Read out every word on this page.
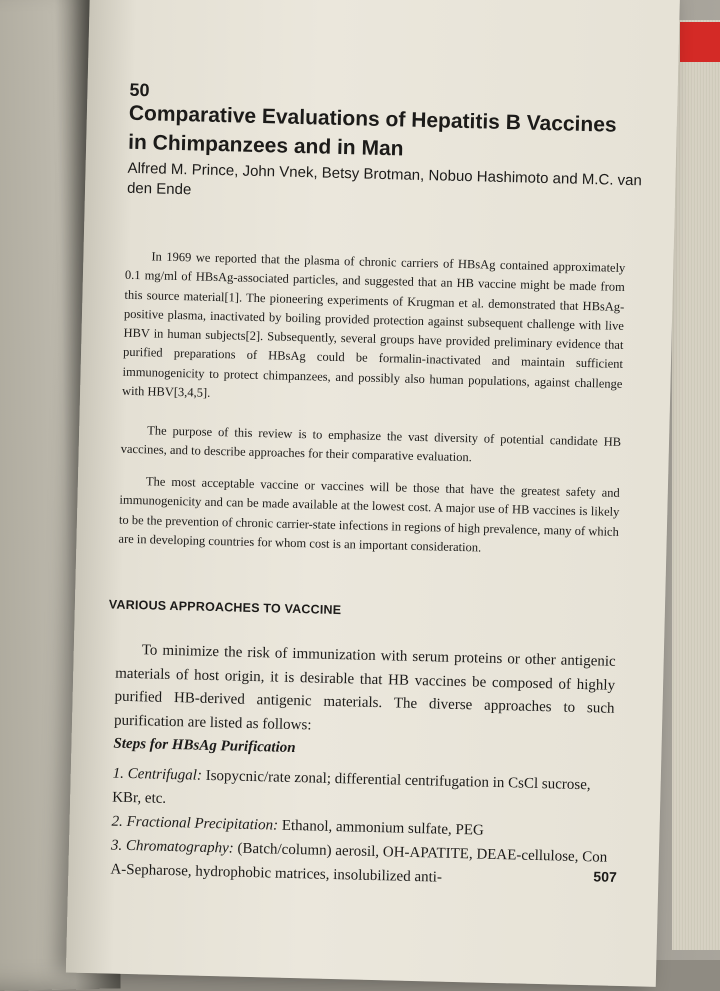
50
Comparative Evaluations of Hepatitis B Vaccines in Chimpanzees and in Man

Alfred M. Prince, John Vnek, Betsy Brotman, Nobuo Hashimoto and M.C. van den Ende

In 1969 we reported that the plasma of chronic carriers of HBsAg contained approximately 0.1 mg/ml of HBsAg-associated particles, and suggested that an HB vaccine might be made from this source material[1]. The pioneering experiments of Krugman et al. demonstrated that HBsAg-positive plasma, inactivated by boiling provided protection against subsequent challenge with live HBV in human subjects[2]. Subsequently, several groups have provided preliminary evidence that purified preparations of HBsAg could be formalin-inactivated and maintain sufficient immunogenicity to protect chimpanzees, and possibly also human populations, against challenge with HBV[3,4,5].

The purpose of this review is to emphasize the vast diversity of potential candidate HB vaccines, and to describe approaches for their comparative evaluation.

The most acceptable vaccine or vaccines will be those that have the greatest safety and immunogenicity and can be made available at the lowest cost. A major use of HB vaccines is likely to be the prevention of chronic carrier-state infections in regions of high prevalence, many of which are in developing countries for whom cost is an important consideration.

VARIOUS APPROACHES TO VACCINE

To minimize the risk of immunization with serum proteins or other antigenic materials of host origin, it is desirable that HB vaccines be composed of highly purified HB-derived antigenic materials. The diverse approaches to such purification are listed as follows:

Steps for HBsAg Purification
1. Centrifugal: Isopycnic/rate zonal; differential centrifugation in CsCl sucrose, KBr, etc.
2. Fractional Precipitation: Ethanol, ammonium sulfate, PEG
3. Chromatography: (Batch/column) aerosil, OH-APATITE, DEAE-cellulose, Con A-Sepharose, hydrophobic matrices, insolubilized anti-	507
